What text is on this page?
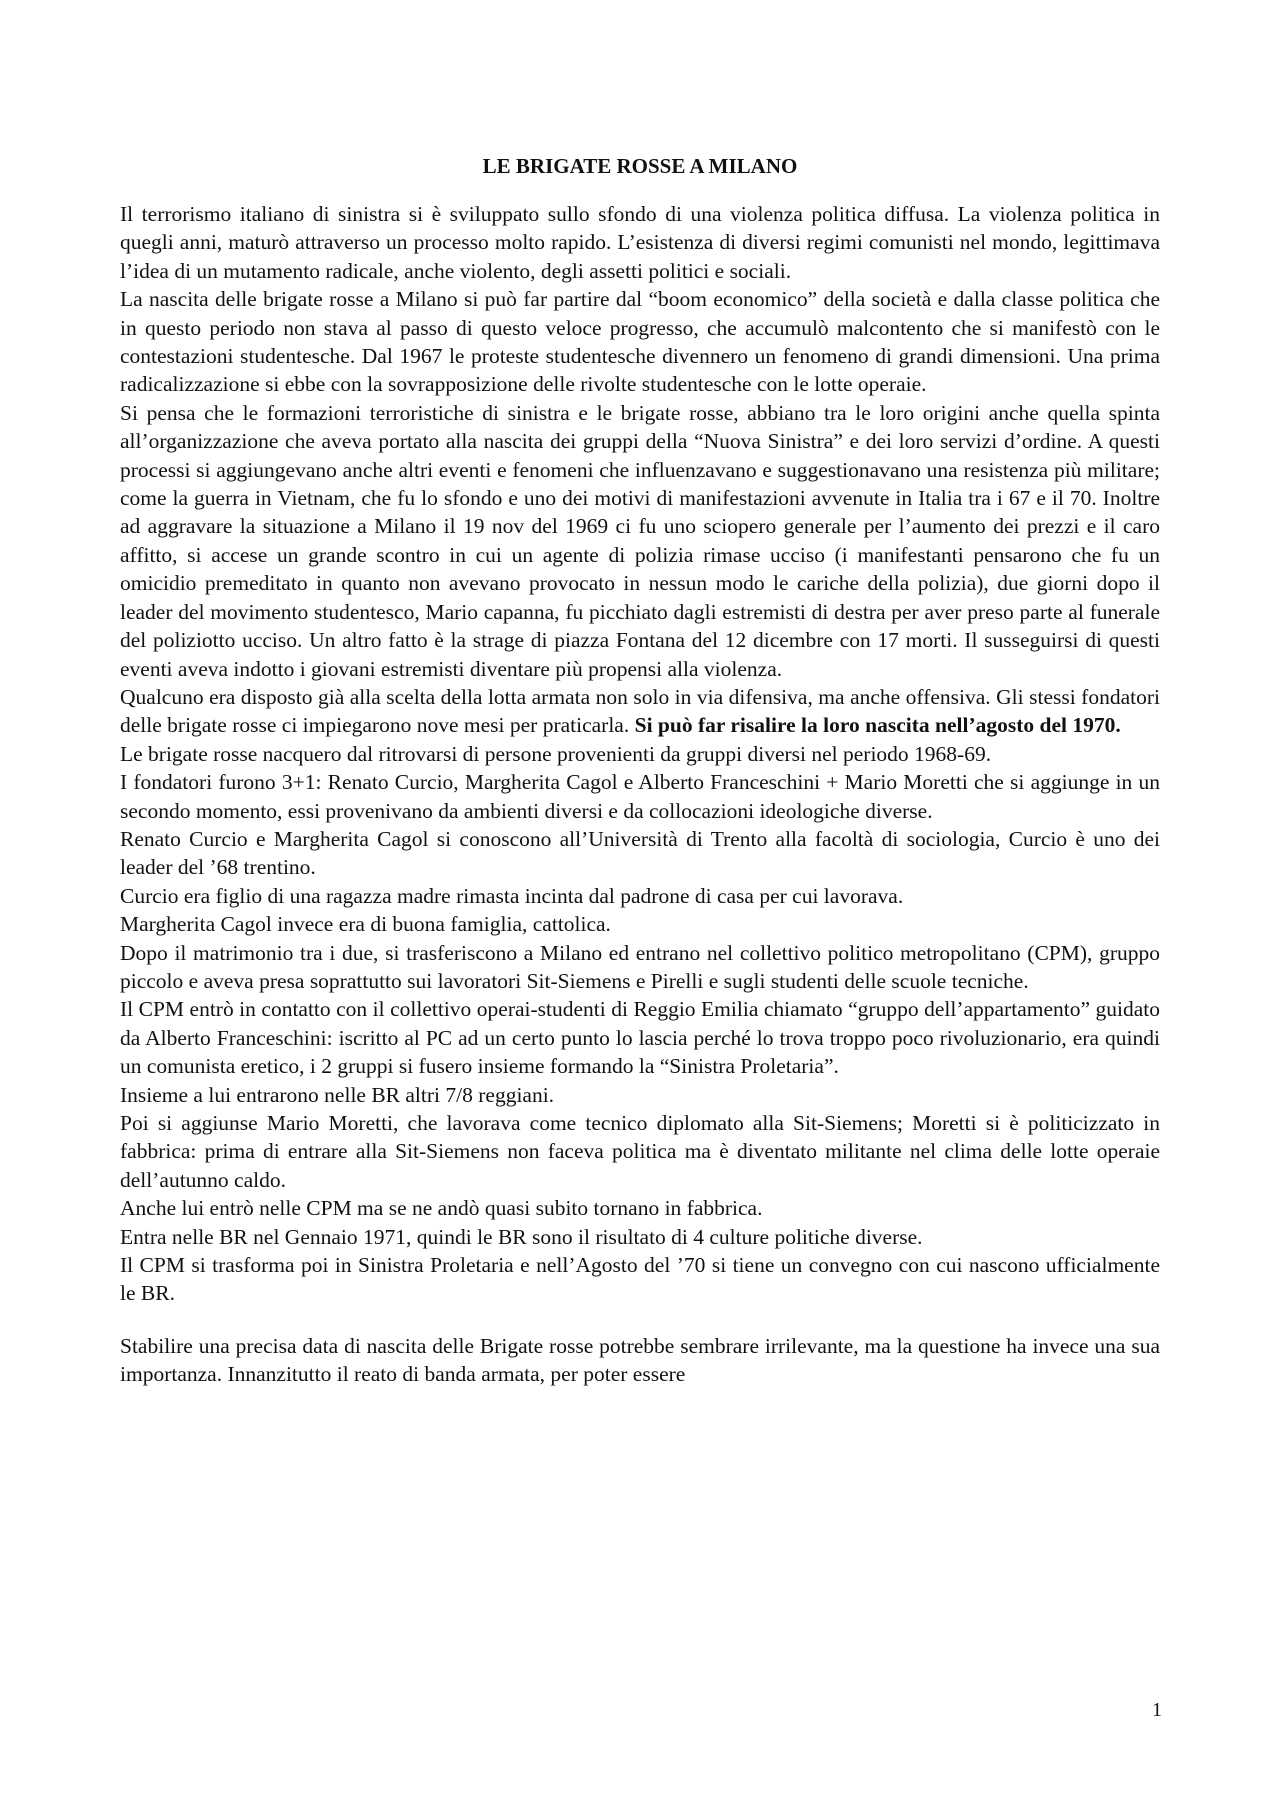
LE BRIGATE ROSSE A MILANO

Il terrorismo italiano di sinistra si è sviluppato sullo sfondo di una violenza politica diffusa. La violenza politica in quegli anni, maturò attraverso un processo molto rapido. L’esistenza di diversi regimi comunisti nel mondo, legittimava l’idea di un mutamento radicale, anche violento, degli assetti politici e sociali.

La nascita delle brigate rosse a Milano si può far partire dal “boom economico” della società e dalla classe politica che in questo periodo non stava al passo di questo veloce progresso, che accumulò malcontento che si manifestò con le contestazioni studentesche. Dal 1967 le proteste studentesche divennero un fenomeno di grandi dimensioni. Una prima radicalizzazione si ebbe con la sovrapposizione delle rivolte studentesche con le lotte operaie.

Si pensa che le formazioni terroristiche di sinistra e le brigate rosse, abbiano tra le loro origini anche quella spinta all’organizzazione che aveva portato alla nascita dei gruppi della “Nuova Sinistra” e dei loro servizi d’ordine. A questi processi si aggiungevano anche altri eventi e fenomeni che influenzavano e suggestionavano una resistenza più militare; come la guerra in Vietnam, che fu lo sfondo e uno dei motivi di manifestazioni avvenute in Italia tra i 67 e il 70. Inoltre ad aggravare la situazione a Milano il 19 nov del 1969 ci fu uno sciopero generale per l’aumento dei prezzi e il caro affitto, si accese un grande scontro in cui un agente di polizia rimase ucciso (i manifestanti pensarono che fu un omicidio premeditato in quanto non avevano provocato in nessun modo le cariche della polizia), due giorni dopo il leader del movimento studentesco, Mario capanna, fu picchiato dagli estremisti di destra per aver preso parte al funerale del poliziotto ucciso. Un altro fatto è la strage di piazza Fontana del 12 dicembre con 17 morti. Il susseguirsi di questi eventi aveva indotto i giovani estremisti diventare più propensi alla violenza.

Qualcuno era disposto già alla scelta della lotta armata non solo in via difensiva, ma anche offensiva. Gli stessi fondatori delle brigate rosse ci impiegarono nove mesi per praticarla. Si può far risalire la loro nascita nell’agosto del 1970.

Le brigate rosse nacquero dal ritrovarsi di persone provenienti da gruppi diversi nel periodo 1968-69.

I fondatori furono 3+1: Renato Curcio, Margherita Cagol e Alberto Franceschini + Mario Moretti che si aggiunge in un secondo momento, essi provenivano da ambienti diversi e da collocazioni ideologiche diverse.

Renato Curcio e Margherita Cagol si conoscono all’Università di Trento alla facoltà di sociologia, Curcio è uno dei leader del ’68 trentino.

Curcio era figlio di una ragazza madre rimasta incinta dal padrone di casa per cui lavorava.

Margherita Cagol invece era di buona famiglia, cattolica.

Dopo il matrimonio tra i due, si trasferiscono a Milano ed entrano nel collettivo politico metropolitano (CPM), gruppo piccolo e aveva presa soprattutto sui lavoratori Sit-Siemens e Pirelli e sugli studenti delle scuole tecniche.

Il CPM entrò in contatto con il collettivo operai-studenti di Reggio Emilia chiamato “gruppo dell’appartamento” guidato da Alberto Franceschini: iscritto al PC ad un certo punto lo lascia perché lo trova troppo poco rivoluzionario, era quindi un comunista eretico, i 2 gruppi si fusero insieme formando la “Sinistra Proletaria”.

Insieme a lui entrarono nelle BR altri 7/8 reggiani.

Poi si aggiunse Mario Moretti, che lavorava come tecnico diplomato alla Sit-Siemens; Moretti si è politicizzato in fabbrica: prima di entrare alla Sit-Siemens non faceva politica ma è diventato militante nel clima delle lotte operaie dell’autunno caldo.

Anche lui entrò nelle CPM ma se ne andò quasi subito tornano in fabbrica.

Entra nelle BR nel Gennaio 1971, quindi le BR sono il risultato di 4 culture politiche diverse.

Il CPM si trasforma poi in Sinistra Proletaria e nell’Agosto del ’70 si tiene un convegno con cui nascono ufficialmente le BR.

Stabilire una precisa data di nascita delle Brigate rosse potrebbe sembrare irrilevante, ma la questione ha invece una sua importanza. Innanzitutto il reato di banda armata, per poter essere

1
